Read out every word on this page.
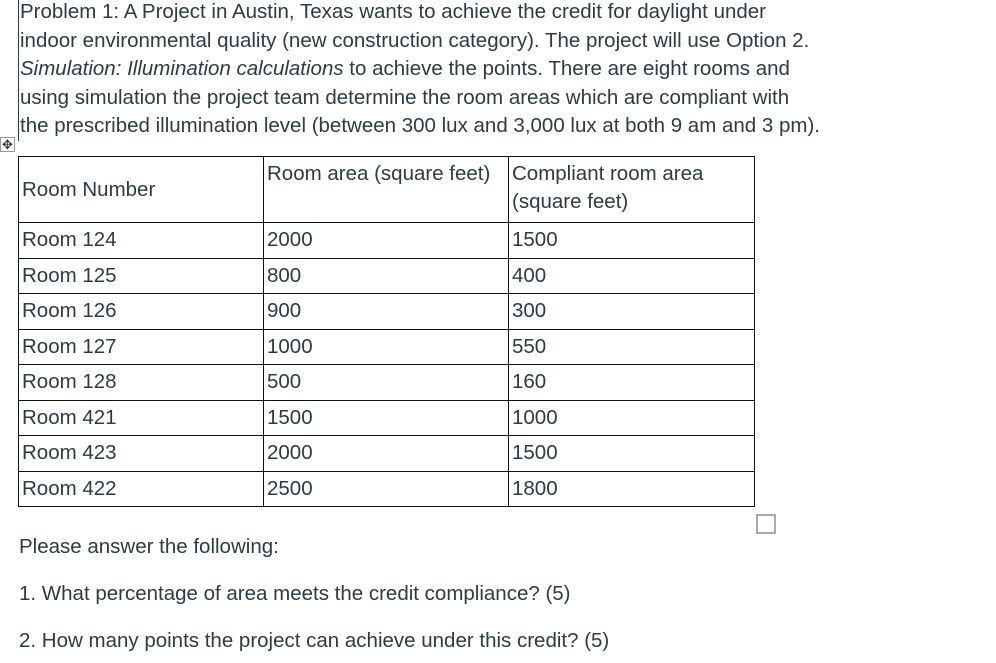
Problem 1: A Project in Austin, Texas wants to achieve the credit for daylight under
indoor environmental quality (new construction category). The project will use Option 2.
Simulation: Illumination calculations to achieve the points. There are eight rooms and
using simulation the project team determine the room areas which are compliant with
the prescribed illumination level (between 300 lux and 3,000 lux at both 9 am and 3 pm).
✥
Room Number	Room area (square feet)	Compliant room area (square feet)
Room 124	2000	1500
Room 125	800	400
Room 126	900	300
Room 127	1000	550
Room 128	500	160
Room 421	1500	1000
Room 423	2000	1500
Room 422	2500	1800
Please answer the following:
1. What percentage of area meets the credit compliance? (5)
2. How many points the project can achieve under this credit? (5)
